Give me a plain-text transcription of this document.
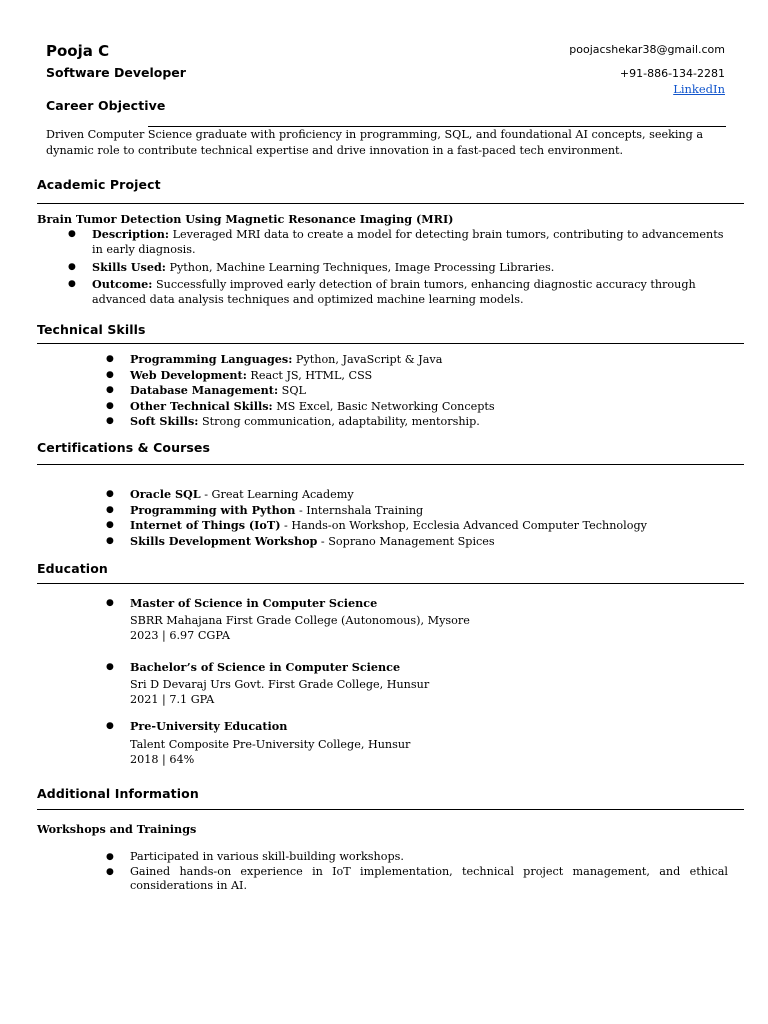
Pooja C
Software Developer
poojacshekar38@gmail.com
+91-886-134-2281
LinkedIn
Career Objective
Driven Computer Science graduate with proficiency in programming, SQL, and foundational AI concepts, seeking a dynamic role to contribute technical expertise and drive innovation in a fast-paced tech environment.
Academic Project
Brain Tumor Detection Using Magnetic Resonance Imaging (MRI)
● Description: Leveraged MRI data to create a model for detecting brain tumors, contributing to advancements in early diagnosis.
● Skills Used: Python, Machine Learning Techniques, Image Processing Libraries.
● Outcome: Successfully improved early detection of brain tumors, enhancing diagnostic accuracy through advanced data analysis techniques and optimized machine learning models.
Technical Skills
● Programming Languages: Python, JavaScript & Java
● Web Development: React JS, HTML, CSS
● Database Management: SQL
● Other Technical Skills: MS Excel, Basic Networking Concepts
● Soft Skills: Strong communication, adaptability, mentorship.
Certifications & Courses
● Oracle SQL - Great Learning Academy
● Programming with Python - Internshala Training
● Internet of Things (IoT) - Hands-on Workshop, Ecclesia Advanced Computer Technology
● Skills Development Workshop - Soprano Management Spices
Education
● Master of Science in Computer Science
SBRR Mahajana First Grade College (Autonomous), Mysore
2023 | 6.97 CGPA
● Bachelor’s of Science in Computer Science
Sri D Devaraj Urs Govt. First Grade College, Hunsur
2021 | 7.1 GPA
● Pre-University Education
Talent Composite Pre-University College, Hunsur
2018 | 64%
Additional Information
Workshops and Trainings
● Participated in various skill-building workshops.
● Gained hands-on experience in IoT implementation, technical project management, and ethical considerations in AI.
